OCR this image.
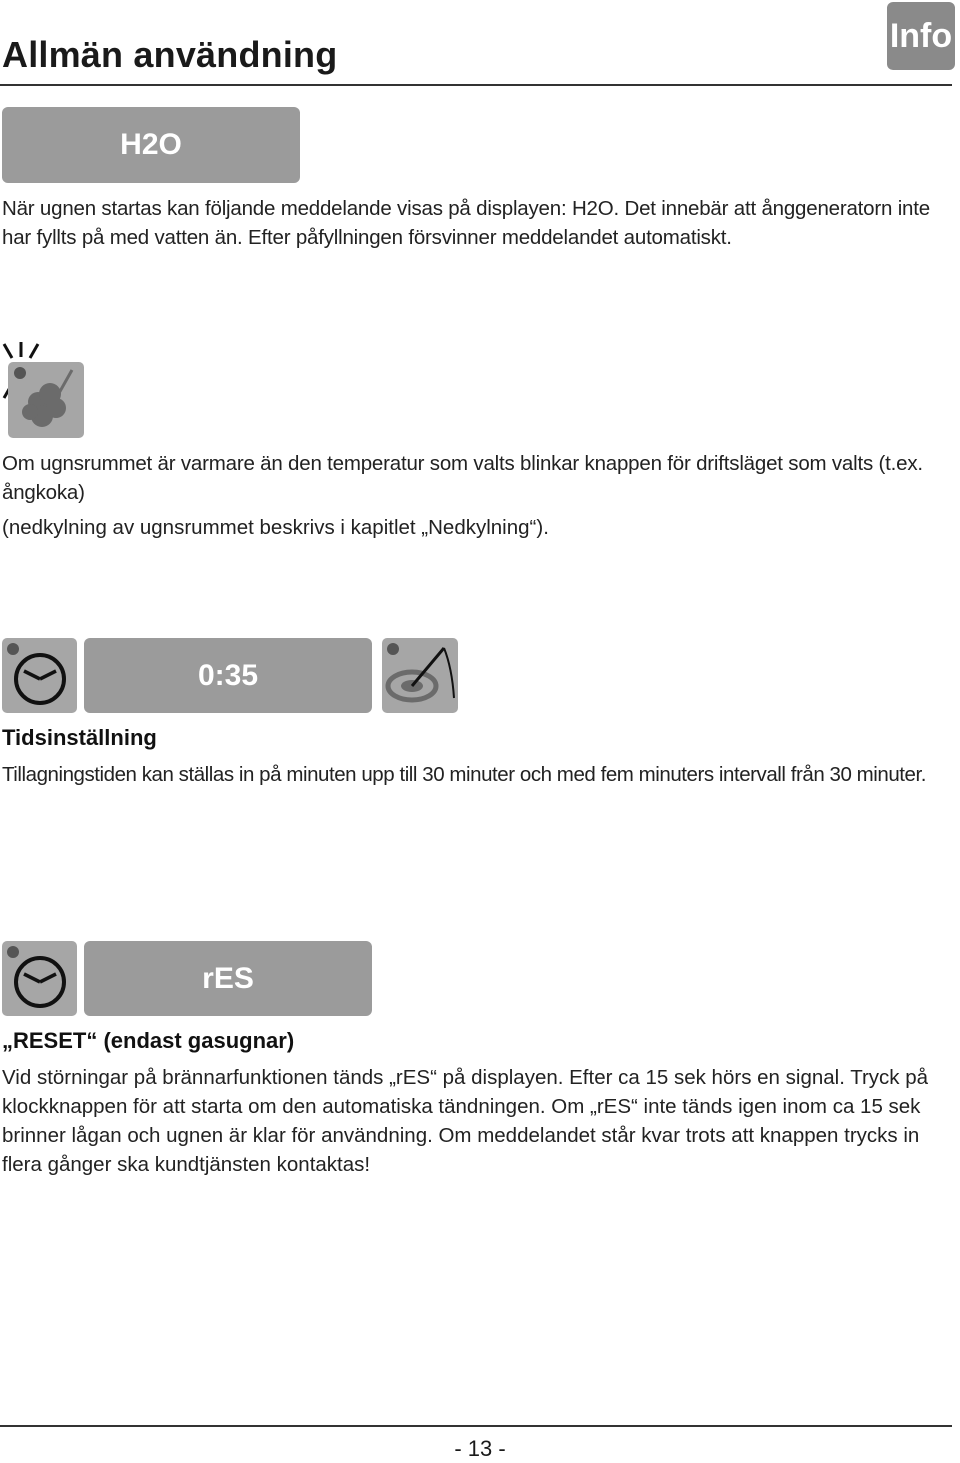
Allmän användning	Info
H2O
När ugnen startas kan följande meddelande visas på displayen: H2O. Det innebär att ånggeneratorn inte har fyllts på med vatten än. Efter påfyllningen försvinner meddelandet automatiskt.
Om ugnsrummet är varmare än den temperatur som valts blinkar knappen för driftsläget som valts (t.ex. ångkoka)
(nedkylning av ugnsrummet beskrivs i kapitlet „Nedkylning“).
0:35
Tidsinställning
Tillagningstiden kan ställas in på minuten upp till 30 minuter och med fem minuters intervall från 30 minuter.
rES
„RESET“ (endast gasugnar)
Vid störningar på brännarfunktionen tänds „rES“ på displayen. Efter ca 15 sek hörs en signal. Tryck på klockknappen för att starta om den automatiska tändningen. Om „rES“ inte tänds igen inom ca 15 sek brinner lågan och ugnen är klar för användning. Om meddelandet står kvar trots att knappen trycks in flera gånger ska kundtjänsten kontaktas!
- 13 -
